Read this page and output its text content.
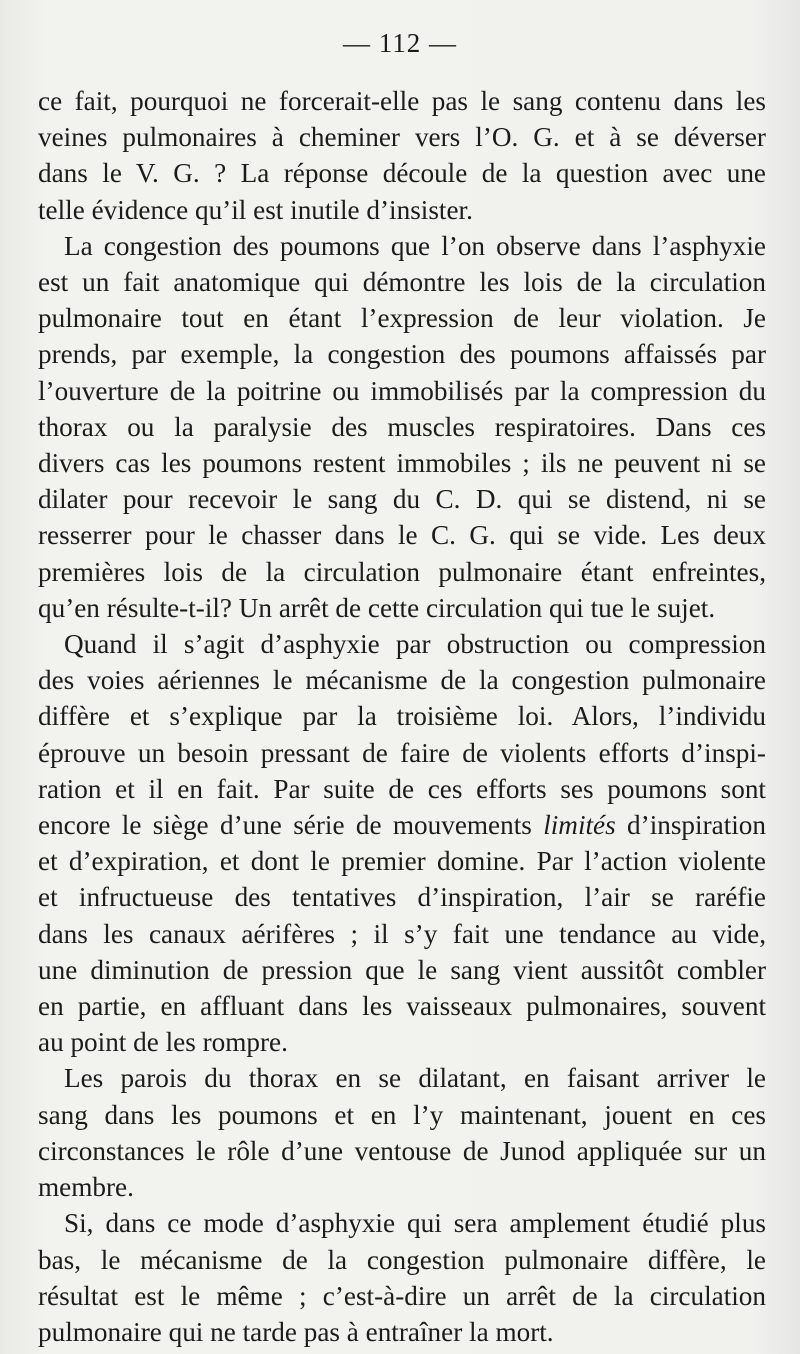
— 112 —

ce fait, pourquoi ne forcerait-elle pas le sang contenu dans les
veines pulmonaires à cheminer vers l’O. G. et à se déverser
dans le V. G. ? La réponse découle de la question avec une
telle évidence qu’il est inutile d’insister.

La congestion des poumons que l’on observe dans l’asphyxie
est un fait anatomique qui démontre les lois de la circulation
pulmonaire tout en étant l’expression de leur violation. Je
prends, par exemple, la congestion des poumons affaissés par
l’ouverture de la poitrine ou immobilisés par la compression du
thorax ou la paralysie des muscles respiratoires. Dans ces
divers cas les poumons restent immobiles ; ils ne peuvent ni se
dilater pour recevoir le sang du C. D. qui se distend, ni se
resserrer pour le chasser dans le C. G. qui se vide. Les deux
premières lois de la circulation pulmonaire étant enfreintes,
qu’en résulte-t-il? Un arrêt de cette circulation qui tue le sujet.

Quand il s’agit d’asphyxie par obstruction ou compression
des voies aériennes le mécanisme de la congestion pulmonaire
diffère et s’explique par la troisième loi. Alors, l’individu
éprouve un besoin pressant de faire de violents efforts d’inspi-
ration et il en fait. Par suite de ces efforts ses poumons sont
encore le siège d’une série de mouvements limités d’inspiration
et d’expiration, et dont le premier domine. Par l’action violente
et infructueuse des tentatives d’inspiration, l’air se raréfie
dans les canaux aérifères ; il s’y fait une tendance au vide,
une diminution de pression que le sang vient aussitôt combler
en partie, en affluant dans les vaisseaux pulmonaires, souvent
au point de les rompre.

Les parois du thorax en se dilatant, en faisant arriver le
sang dans les poumons et en l’y maintenant, jouent en ces
circonstances le rôle d’une ventouse de Junod appliquée sur un
membre.

Si, dans ce mode d’asphyxie qui sera amplement étudié plus
bas, le mécanisme de la congestion pulmonaire diffère, le
résultat est le même ; c’est-à-dire un arrêt de la circulation
pulmonaire qui ne tarde pas à entraîner la mort.
